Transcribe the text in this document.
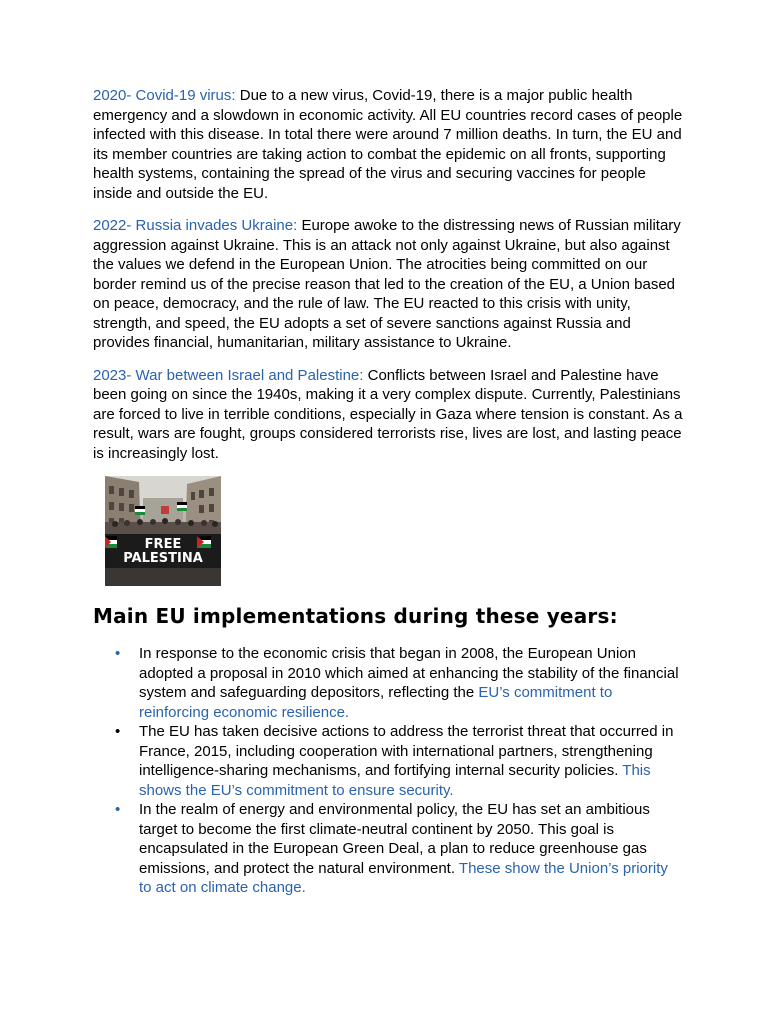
2020- Covid-19 virus: Due to a new virus, Covid-19, there is a major public health emergency and a slowdown in economic activity. All EU countries record cases of people infected with this disease. In total there were around 7 million deaths. In turn, the EU and its member countries are taking action to combat the epidemic on all fronts, supporting health systems, containing the spread of the virus and securing vaccines for people inside and outside the EU.

2022- Russia invades Ukraine: Europe awoke to the distressing news of Russian military aggression against Ukraine. This is an attack not only against Ukraine, but also against the values we defend in the European Union. The atrocities being committed on our border remind us of the precise reason that led to the creation of the EU, a Union based on peace, democracy, and the rule of law. The EU reacted to this crisis with unity, strength, and speed, the EU adopts a set of severe sanctions against Russia and provides financial, humanitarian, military assistance to Ukraine.

2023- War between Israel and Palestine: Conflicts between Israel and Palestine have been going on since the 1940s, making it a very complex dispute. Currently, Palestinians are forced to live in terrible conditions, especially in Gaza where tension is constant. As a result, wars are fought, groups considered terrorists rise, lives are lost, and lasting peace is increasingly lost.

FREE
PALESTINA
Main EU implementations during these years:
• In response to the economic crisis that began in 2008, the European Union adopted a proposal in 2010 which aimed at enhancing the stability of the financial system and safeguarding depositors, reflecting the EU’s commitment to reinforcing economic resilience.
• The EU has taken decisive actions to address the terrorist threat that occurred in France, 2015, including cooperation with international partners, strengthening intelligence-sharing mechanisms, and fortifying internal security policies. This shows the EU’s commitment to ensure security.
• In the realm of energy and environmental policy, the EU has set an ambitious target to become the first climate-neutral continent by 2050. This goal is encapsulated in the European Green Deal, a plan to reduce greenhouse gas emissions, and protect the natural environment. These show the Union’s priority to act on climate change.
